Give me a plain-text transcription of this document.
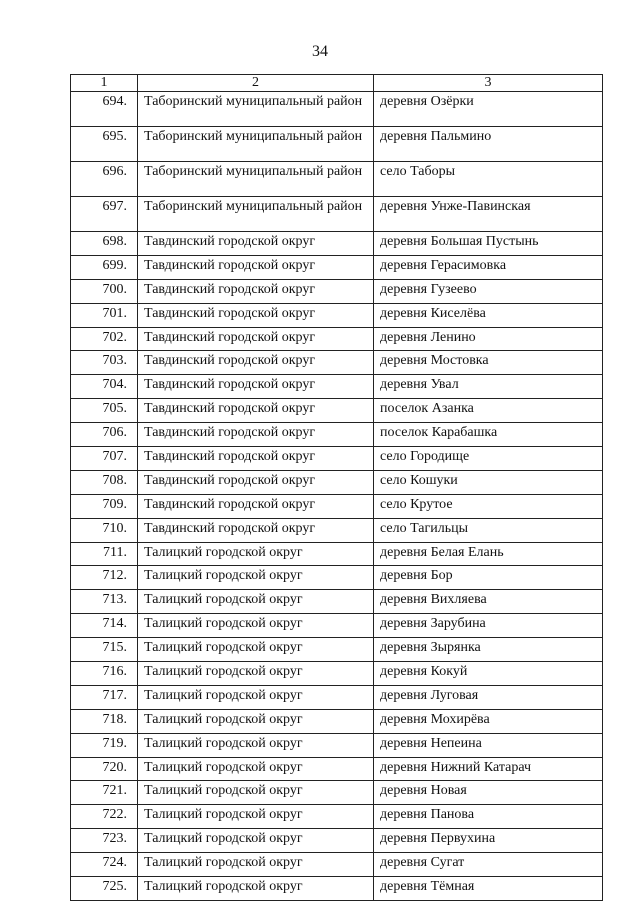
34
1	2	3
694.	Таборинский муниципальный район	деревня Озёрки
695.	Таборинский муниципальный район	деревня Пальмино
696.	Таборинский муниципальный район	село Таборы
697.	Таборинский муниципальный район	деревня Унже-Павинская
698.	Тавдинский городской округ	деревня Большая Пустынь
699.	Тавдинский городской округ	деревня Герасимовка
700.	Тавдинский городской округ	деревня Гузеево
701.	Тавдинский городской округ	деревня Киселёва
702.	Тавдинский городской округ	деревня Ленино
703.	Тавдинский городской округ	деревня Мостовка
704.	Тавдинский городской округ	деревня Увал
705.	Тавдинский городской округ	поселок Азанка
706.	Тавдинский городской округ	поселок Карабашка
707.	Тавдинский городской округ	село Городище
708.	Тавдинский городской округ	село Кошуки
709.	Тавдинский городской округ	село Крутое
710.	Тавдинский городской округ	село Тагильцы
711.	Талицкий городской округ	деревня Белая Елань
712.	Талицкий городской округ	деревня Бор
713.	Талицкий городской округ	деревня Вихляева
714.	Талицкий городской округ	деревня Зарубина
715.	Талицкий городской округ	деревня Зырянка
716.	Талицкий городской округ	деревня Кокуй
717.	Талицкий городской округ	деревня Луговая
718.	Талицкий городской округ	деревня Мохирёва
719.	Талицкий городской округ	деревня Непеина
720.	Талицкий городской округ	деревня Нижний Катарач
721.	Талицкий городской округ	деревня Новая
722.	Талицкий городской округ	деревня Панова
723.	Талицкий городской округ	деревня Первухина
724.	Талицкий городской округ	деревня Сугат
725.	Талицкий городской округ	деревня Тёмная
